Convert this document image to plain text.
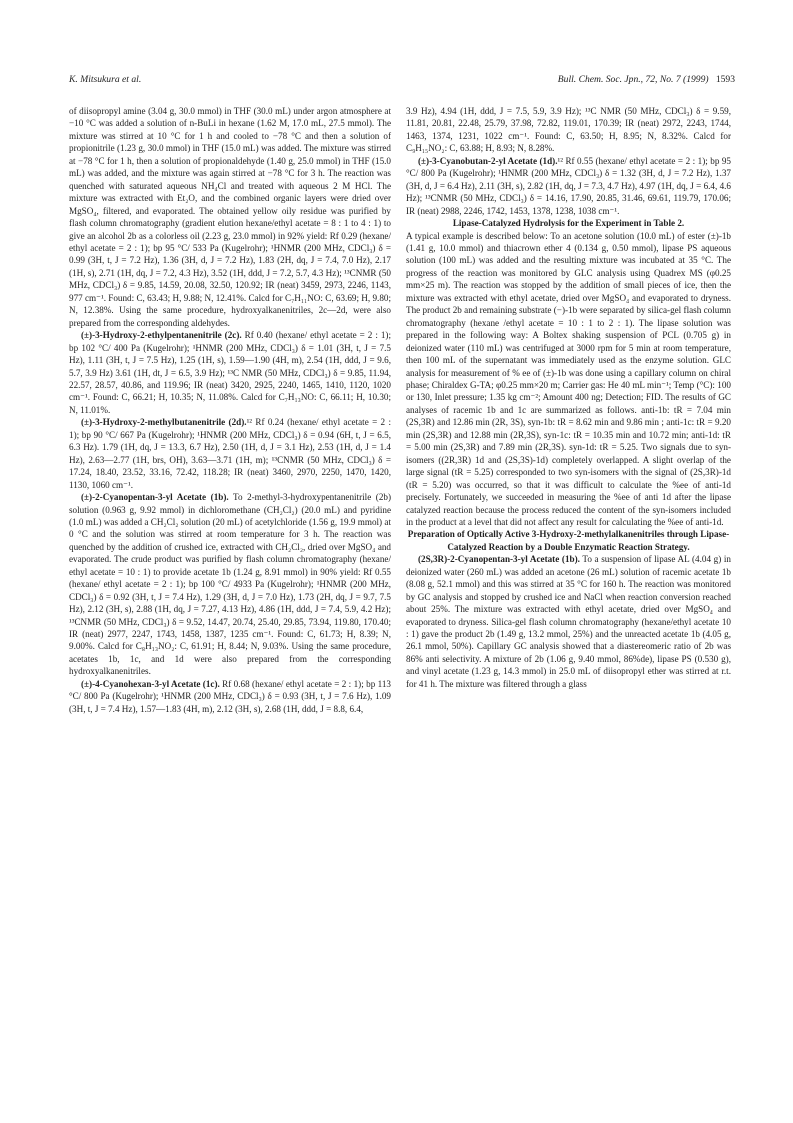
K. Mitsukura et al.	Bull. Chem. Soc. Jpn., 72, No. 7 (1999) 1593

of diisopropyl amine (3.04 g, 30.0 mmol) in THF (30.0 mL) under argon atmosphere at −10 °C was added a solution of n-BuLi in hexane (1.62 M, 17.0 mL, 27.5 mmol). The mixture was stirred at 10 °C for 1 h and cooled to −78 °C and then a solution of propionitrile (1.23 g, 30.0 mmol) in THF (15.0 mL) was added. The mixture was stirred at −78 °C for 1 h, then a solution of propionaldehyde (1.40 g, 25.0 mmol) in THF (15.0 mL) was added, and the mixture was again stirred at −78 °C for 3 h. The reaction was quenched with saturated aqueous NH₄Cl and treated with aqueous 2 M HCl. The mixture was extracted with Et₂O, and the combined organic layers were dried over MgSO₄, filtered, and evaporated. The obtained yellow oily residue was purified by flash column chromatography (gradient elution hexane/ethyl acetate = 8 : 1 to 4 : 1) to give an alcohol 2b as a colorless oil (2.23 g, 23.0 mmol) in 92% yield: Rf 0.29 (hexane/ ethyl acetate = 2 : 1); bp 95 °C/ 533 Pa (Kugelrohr); ¹HNMR (200 MHz, CDCl₃) δ = 0.99 (3H, t, J = 7.2 Hz), 1.36 (3H, d, J = 7.2 Hz), 1.83 (2H, dq, J = 7.4, 7.0 Hz), 2.17 (1H, s), 2.71 (1H, dq, J = 7.2, 4.3 Hz), 3.52 (1H, ddd, J = 7.2, 5.7, 4.3 Hz); ¹³CNMR (50 MHz, CDCl₃) δ = 9.85, 14.59, 20.08, 32.50, 120.92; IR (neat) 3459, 2973, 2246, 1143, 977 cm⁻¹. Found: C, 63.43; H, 9.88; N, 12.41%. Calcd for C₇H₁₁NO: C, 63.69; H, 9.80; N, 12.38%. Using the same procedure, hydroxyalkanenitriles, 2c—2d, were also prepared from the corresponding aldehydes.

(±)-3-Hydroxy-2-ethylpentanenitrile (2c). Rf 0.40 (hexane/ ethyl acetate = 2 : 1); bp 102 °C/ 400 Pa (Kugelrohr); ¹HNMR (200 MHz, CDCl₃) δ = 1.01 (3H, t, J = 7.5 Hz), 1.11 (3H, t, J = 7.5 Hz), 1.25 (1H, s), 1.59—1.90 (4H, m), 2.54 (1H, ddd, J = 9.6, 5.7, 3.9 Hz) 3.61 (1H, dt, J = 6.5, 3.9 Hz); ¹³C NMR (50 MHz, CDCl₃) δ = 9.85, 11.94, 22.57, 28.57, 40.86, and 119.96; IR (neat) 3420, 2925, 2240, 1465, 1410, 1120, 1020 cm⁻¹. Found: C, 66.21; H, 10.35; N, 11.08%. Calcd for C₇H₁₃NO: C, 66.11; H, 10.30; N, 11.01%.

(±)-3-Hydroxy-2-methylbutanenitrile (2d).¹² Rf 0.24 (hexane/ ethyl acetate = 2 : 1); bp 90 °C/ 667 Pa (Kugelrohr); ¹HNMR (200 MHz, CDCl₃) δ = 0.94 (6H, t, J = 6.5, 6.3 Hz). 1.79 (1H, dq, J = 13.3, 6.7 Hz), 2.50 (1H, d, J = 3.1 Hz), 2.53 (1H, d, J = 1.4 Hz), 2.63—2.77 (1H, brs, OH), 3.63—3.71 (1H, m); ¹³CNMR (50 MHz, CDCl₃) δ = 17.24, 18.40, 23.52, 33.16, 72.42, 118.28; IR (neat) 3460, 2970, 2250, 1470, 1420, 1130, 1060 cm⁻¹.

(±)-2-Cyanopentan-3-yl Acetate (1b). To 2-methyl-3-hydroxypentanenitrile (2b) solution (0.963 g, 9.92 mmol) in dichloromethane (CH₂Cl₂) (20.0 mL) and pyridine (1.0 mL) was added a CH₂Cl₂ solution (20 mL) of acetylchloride (1.56 g, 19.9 mmol) at 0 °C and the solution was stirred at room temperature for 3 h. The reaction was quenched by the addition of crushed ice, extracted with CH₂Cl₂, dried over MgSO₄ and evaporated. The crude product was purified by flash column chromatography (hexane/ ethyl acetate = 10 : 1) to provide acetate 1b (1.24 g, 8.91 mmol) in 90% yield: Rf 0.55 (hexane/ ethyl acetate = 2 : 1); bp 100 °C/ 4933 Pa (Kugelrohr); ¹HNMR (200 MHz, CDCl₃) δ = 0.92 (3H, t, J = 7.4 Hz), 1.29 (3H, d, J = 7.0 Hz), 1.73 (2H, dq, J = 9.7, 7.5 Hz), 2.12 (3H, s), 2.88 (1H, dq, J = 7.27, 4.13 Hz), 4.86 (1H, ddd, J = 7.4, 5.9, 4.2 Hz); ¹³CNMR (50 MHz, CDCl₃) δ = 9.52, 14.47, 20.74, 25.40, 29.85, 73.94, 119.80, 170.40; IR (neat) 2977, 2247, 1743, 1458, 1387, 1235 cm⁻¹. Found: C, 61.73; H, 8.39; N, 9.00%. Calcd for C₈H₁₃NO₂: C, 61.91; H, 8.44; N, 9.03%. Using the same procedure, acetates 1b, 1c, and 1d were also prepared from the corresponding hydroxyalkanenitriles.

(±)-4-Cyanohexan-3-yl Acetate (1c). Rf 0.68 (hexane/ ethyl acetate = 2 : 1); bp 113 °C/ 800 Pa (Kugelrohr); ¹HNMR (200 MHz, CDCl₃) δ = 0.93 (3H, t, J = 7.6 Hz), 1.09 (3H, t, J = 7.4 Hz), 1.57—1.83 (4H, m), 2.12 (3H, s), 2.68 (1H, ddd, J = 8.8, 6.4,

3.9 Hz), 4.94 (1H, ddd, J = 7.5, 5.9, 3.9 Hz); ¹³C NMR (50 MHz, CDCl₃) δ = 9.59, 11.81, 20.81, 22.48, 25.79, 37.98, 72.82, 119.01, 170.39; IR (neat) 2972, 2243, 1744, 1463, 1374, 1231, 1022 cm⁻¹. Found: C, 63.50; H, 8.95; N, 8.32%. Calcd for C₉H₁₅NO₂: C, 63.88; H, 8.93; N, 8.28%.

(±)-3-Cyanobutan-2-yl Acetate (1d).¹² Rf 0.55 (hexane/ ethyl acetate = 2 : 1); bp 95 °C/ 800 Pa (Kugelrohr); ¹HNMR (200 MHz, CDCl₃) δ = 1.32 (3H, d, J = 7.2 Hz), 1.37 (3H, d, J = 6.4 Hz), 2.11 (3H, s), 2.82 (1H, dq, J = 7.3, 4.7 Hz), 4.97 (1H, dq, J = 6.4, 4.6 Hz); ¹³CNMR (50 MHz, CDCl₃) δ = 14.16, 17.90, 20.85, 31.46, 69.61, 119.79, 170.06; IR (neat) 2988, 2246, 1742, 1453, 1378, 1238, 1038 cm⁻¹.

Lipase-Catalyzed Hydrolysis for the Experiment in Table 2.

A typical example is described below: To an acetone solution (10.0 mL) of ester (±)-1b (1.41 g, 10.0 mmol) and thiacrown ether 4 (0.134 g, 0.50 mmol), lipase PS aqueous solution (100 mL) was added and the resulting mixture was incubated at 35 °C. The progress of the reaction was monitored by GLC analysis using Quadrex MS (φ0.25 mm×25 m). The reaction was stopped by the addition of small pieces of ice, then the mixture was extracted with ethyl acetate, dried over MgSO₄ and evaporated to dryness. The product 2b and remaining substrate (−)-1b were separated by silica-gel flash column chromatography (hexane /ethyl acetate = 10 : 1 to 2 : 1). The lipase solution was prepared in the following way: A Boltex shaking suspension of PCL (0.705 g) in deionized water (110 mL) was centrifuged at 3000 rpm for 5 min at room temperature, then 100 mL of the supernatant was immediately used as the enzyme solution. GLC analysis for measurement of % ee of (±)-1b was done using a capillary column on chiral phase; Chiraldex G-TA; φ0.25 mm×20 m; Carrier gas: He 40 mL min⁻¹; Temp (°C): 100 or 130, Inlet pressure; 1.35 kg cm⁻²; Amount 400 ng; Detection; FID. The results of GC analyses of racemic 1b and 1c are summarized as follows. anti-1b: tR = 7.04 min (2S,3R) and 12.86 min (2R, 3S), syn-1b: tR = 8.62 min and 9.86 min ; anti-1c: tR = 9.20 min (2S,3R) and 12.88 min (2R,3S), syn-1c: tR = 10.35 min and 10.72 min; anti-1d: tR = 5.00 min (2S,3R) and 7.89 min (2R,3S). syn-1d: tR = 5.25. Two signals due to syn-isomers ((2R,3R) 1d and (2S,3S)-1d) completely overlapped. A slight overlap of the large signal (tR = 5.25) corresponded to two syn-isomers with the signal of (2S,3R)-1d (tR = 5.20) was occurred, so that it was difficult to calculate the %ee of anti-1d precisely. Fortunately, we succeeded in measuring the %ee of anti 1d after the lipase catalyzed reaction because the process reduced the content of the syn-isomers included in the product at a level that did not affect any result for calculating the %ee of anti-1d.

Preparation of Optically Active 3-Hydroxy-2-methylalkanenitriles through Lipase-Catalyzed Reaction by a Double Enzymatic Reaction Strategy.

(2S,3R)-2-Cyanopentan-3-yl Acetate (1b). To a suspension of lipase AL (4.04 g) in deionized water (260 mL) was added an acetone (26 mL) solution of racemic acetate 1b (8.08 g, 52.1 mmol) and this was stirred at 35 °C for 160 h. The reaction was monitored by GC analysis and stopped by crushed ice and NaCl when reaction conversion reached about 25%. The mixture was extracted with ethyl acetate, dried over MgSO₄ and evaporated to dryness. Silica-gel flash column chromatography (hexane/ethyl acetate 10 : 1) gave the product 2b (1.49 g, 13.2 mmol, 25%) and the unreacted acetate 1b (4.05 g, 26.1 mmol, 50%). Capillary GC analysis showed that a diastereomeric ratio of 2b was 86% anti selectivity. A mixture of 2b (1.06 g, 9.40 mmol, 86%de), lipase PS (0.530 g), and vinyl acetate (1.23 g, 14.3 mmol) in 25.0 mL of diisopropyl ether was stirred at r.t. for 41 h. The mixture was filtered through a glass
